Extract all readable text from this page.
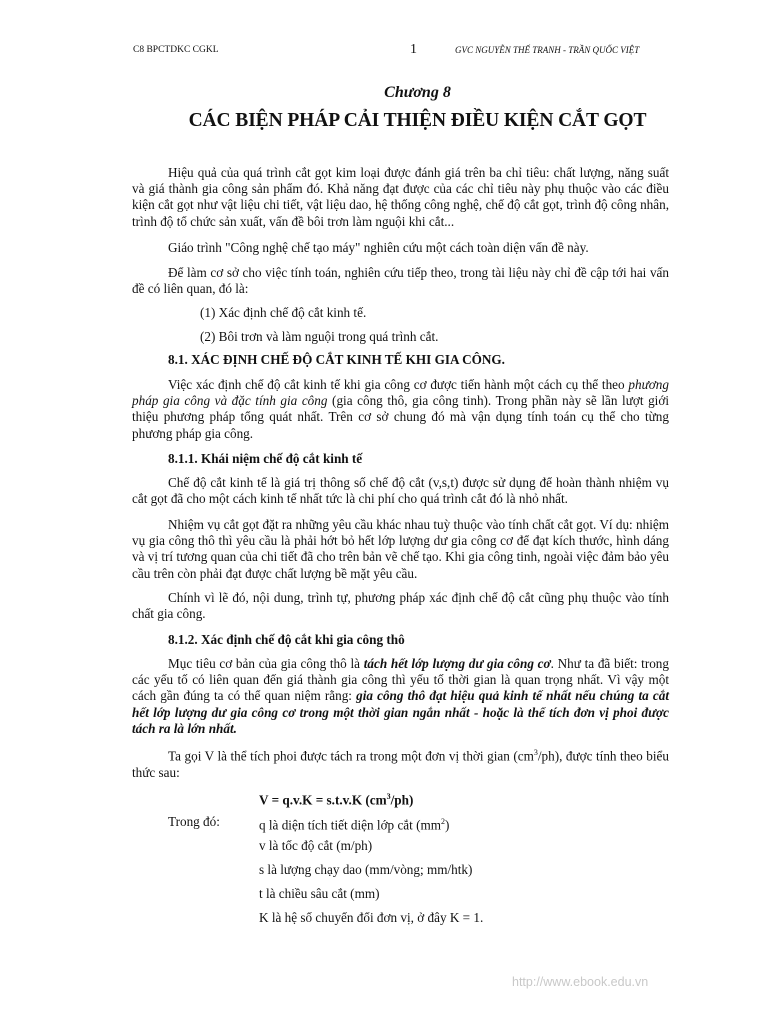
C8 BPCTDKC CGKL	1	GVC NGUYỄN THẾ TRANH - TRẦN QUỐC VIỆT
Chương 8
CÁC BIỆN PHÁP CẢI THIỆN ĐIỀU KIỆN CẮT GỌT
Hiệu quả của quá trình cắt gọt kim loại được đánh giá trên ba chỉ tiêu: chất lượng, năng suất và giá thành gia công sản phẩm đó. Khả năng đạt được của các chỉ tiêu này phụ thuộc vào các điều kiện cắt gọt như vật liệu chi tiết, vật liệu dao, hệ thống công nghệ, chế độ cắt gọt, trình độ công nhân, trình độ tổ chức sản xuất, vấn đề bôi trơn làm nguội khi cắt...
Giáo trình "Công nghệ chế tạo máy" nghiên cứu một cách toàn diện vấn đề này.
Để làm cơ sở cho việc tính toán, nghiên cứu tiếp theo, trong tài liệu này chỉ đề cập tới hai vấn đề có liên quan, đó là:
(1) Xác định chế độ cắt kinh tế.
(2) Bôi trơn và làm nguội trong quá trình cắt.
8.1. XÁC ĐỊNH CHẾ ĐỘ CẮT KINH TẾ KHI GIA CÔNG.
Việc xác định chế độ cắt kinh tế khi gia công cơ được tiến hành một cách cụ thể theo phương pháp gia công và đặc tính gia công (gia công thô, gia công tinh). Trong phần này sẽ lần lượt giới thiệu phương pháp tổng quát nhất. Trên cơ sở chung đó mà vận dụng tính toán cụ thể cho từng phương pháp gia công.
8.1.1. Khái niệm chế độ cắt kinh tế
Chế độ cắt kinh tế là giá trị thông số chế độ cắt (v,s,t) được sử dụng để hoàn thành nhiệm vụ cắt gọt đã cho một cách kinh tế nhất tức là chi phí cho quá trình cắt đó là nhỏ nhất.
Nhiệm vụ cắt gọt đặt ra những yêu cầu khác nhau tuỳ thuộc vào tính chất cắt gọt. Ví dụ: nhiệm vụ gia công thô thì yêu cầu là phải hớt bỏ hết lớp lượng dư gia công cơ để đạt kích thước, hình dáng và vị trí tương quan của chi tiết đã cho trên bản vẽ chế tạo. Khi gia công tinh, ngoài việc đảm bảo yêu cầu trên còn phải đạt được chất lượng bề mặt yêu cầu.
Chính vì lẽ đó, nội dung, trình tự, phương pháp xác định chế độ cắt cũng phụ thuộc vào tính chất gia công.
8.1.2. Xác định chế độ cắt khi gia công thô
Mục tiêu cơ bản của gia công thô là tách hết lớp lượng dư gia công cơ. Như ta đã biết: trong các yếu tố có liên quan đến giá thành gia công thì yếu tố thời gian là quan trọng nhất. Vì vậy một cách gần đúng ta có thể quan niệm rằng: gia công thô đạt hiệu quả kinh tế nhất nếu chúng ta cắt hết lớp lượng dư gia công cơ trong một thời gian ngắn nhất - hoặc là thể tích đơn vị phoi được tách ra là lớn nhất.
Ta gọi V là thể tích phoi được tách ra trong một đơn vị thời gian $(cm^3/ph)$, được tính theo biểu thức sau:
V = q.v.K = s.t.v.K $(cm^3/ph)$
Trong đó:	q là diện tích tiết diện lớp cắt $(mm^2)$
v là tốc độ cắt (m/ph)
s là lượng chạy dao (mm/vòng; mm/htk)
t là chiều sâu cắt (mm)
K là hệ số chuyển đổi đơn vị, ở đây K = 1.
http://www.ebook.edu.vn
